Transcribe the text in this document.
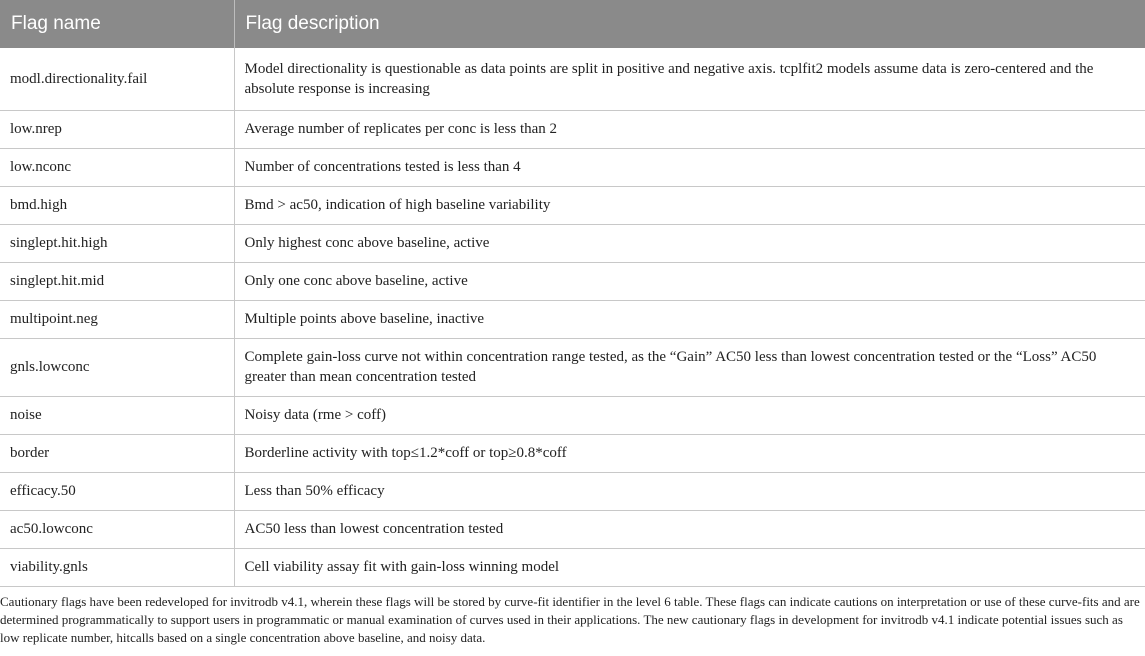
Flag name	Flag description
modl.directionality.fail	Model directionality is questionable as data points are split in positive and negative axis. tcplfit2 models assume data is zero-centered and the absolute response is increasing
low.nrep	Average number of replicates per conc is less than 2
low.nconc	Number of concentrations tested is less than 4
bmd.high	Bmd > ac50, indication of high baseline variability
singlept.hit.high	Only highest conc above baseline, active
singlept.hit.mid	Only one conc above baseline, active
multipoint.neg	Multiple points above baseline, inactive
gnls.lowconc	Complete gain-loss curve not within concentration range tested, as the “Gain” AC50 less than lowest concentration tested or the “Loss” AC50 greater than mean concentration tested
noise	Noisy data (rme > coff)
border	Borderline activity with top≤1.2*coff or top≥0.8*coff
efficacy.50	Less than 50% efficacy
ac50.lowconc	AC50 less than lowest concentration tested
viability.gnls	Cell viability assay fit with gain-loss winning model

Cautionary flags have been redeveloped for invitrodb v4.1, wherein these flags will be stored by curve-fit identifier in the level 6 table. These flags can indicate cautions on interpretation or use of these curve-fits and are determined programmatically to support users in programmatic or manual examination of curves used in their applications. The new cautionary flags in development for invitrodb v4.1 indicate potential issues such as low replicate number, hitcalls based on a single concentration above baseline, and noisy data.
